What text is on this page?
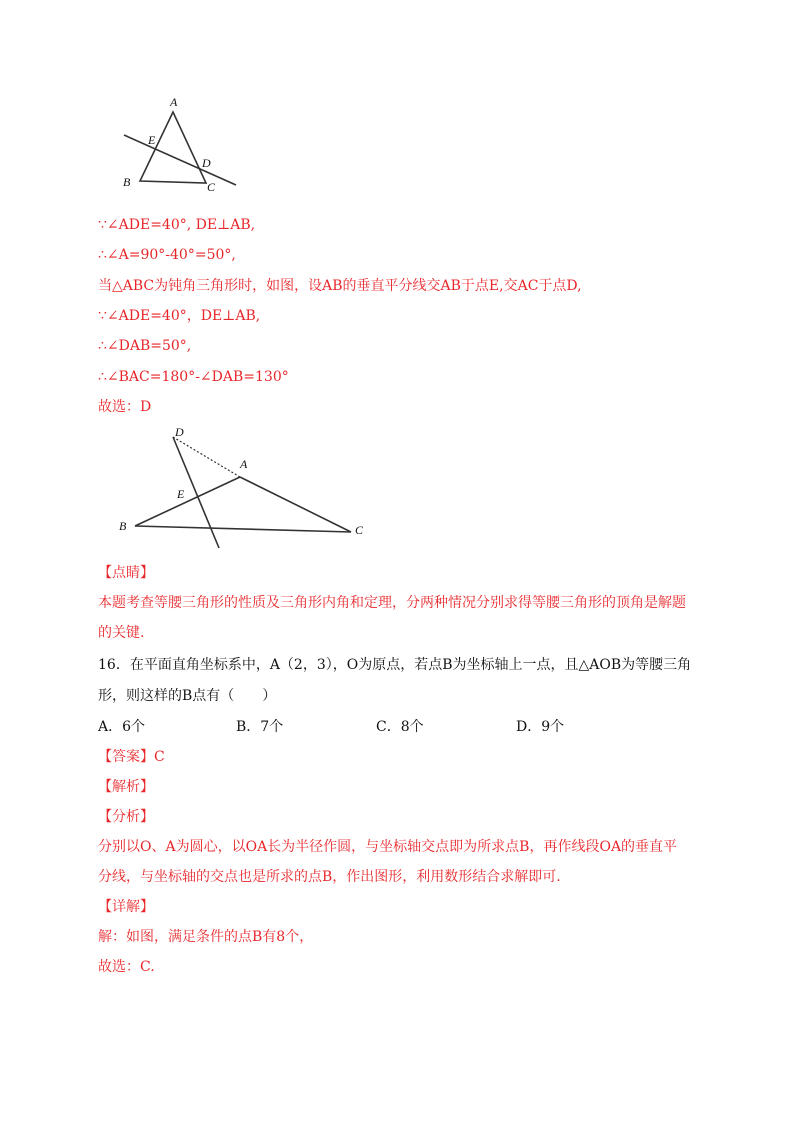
A
E
D
B	C
∵∠ADE=40°, DE⊥AB,
∴∠A=90°-40°=50°,
当△ABC为钝角三角形时，如图，设AB的垂直平分线交AB于点E,交AC于点D,
∵∠ADE=40°，DE⊥AB,
∴∠DAB=50°,
∴∠BAC=180°-∠DAB=130°
故选：D
D
A
E
B	C
【点睛】
本题考查等腰三角形的性质及三角形内角和定理，分两种情况分别求得等腰三角形的顶角是解题
的关键.
16．在平面直角坐标系中，A（2，3），O为原点，若点B为坐标轴上一点，且△AOB为等腰三角
形，则这样的B点有（　　）
A．6个	B．7个	C．8个	D．9个
【答案】C
【解析】
【分析】
分别以O、A为圆心，以OA长为半径作圆，与坐标轴交点即为所求点B，再作线段OA的垂直平
分线，与坐标轴的交点也是所求的点B，作出图形，利用数形结合求解即可.
【详解】
解：如图，满足条件的点B有8个，
故选：C.
